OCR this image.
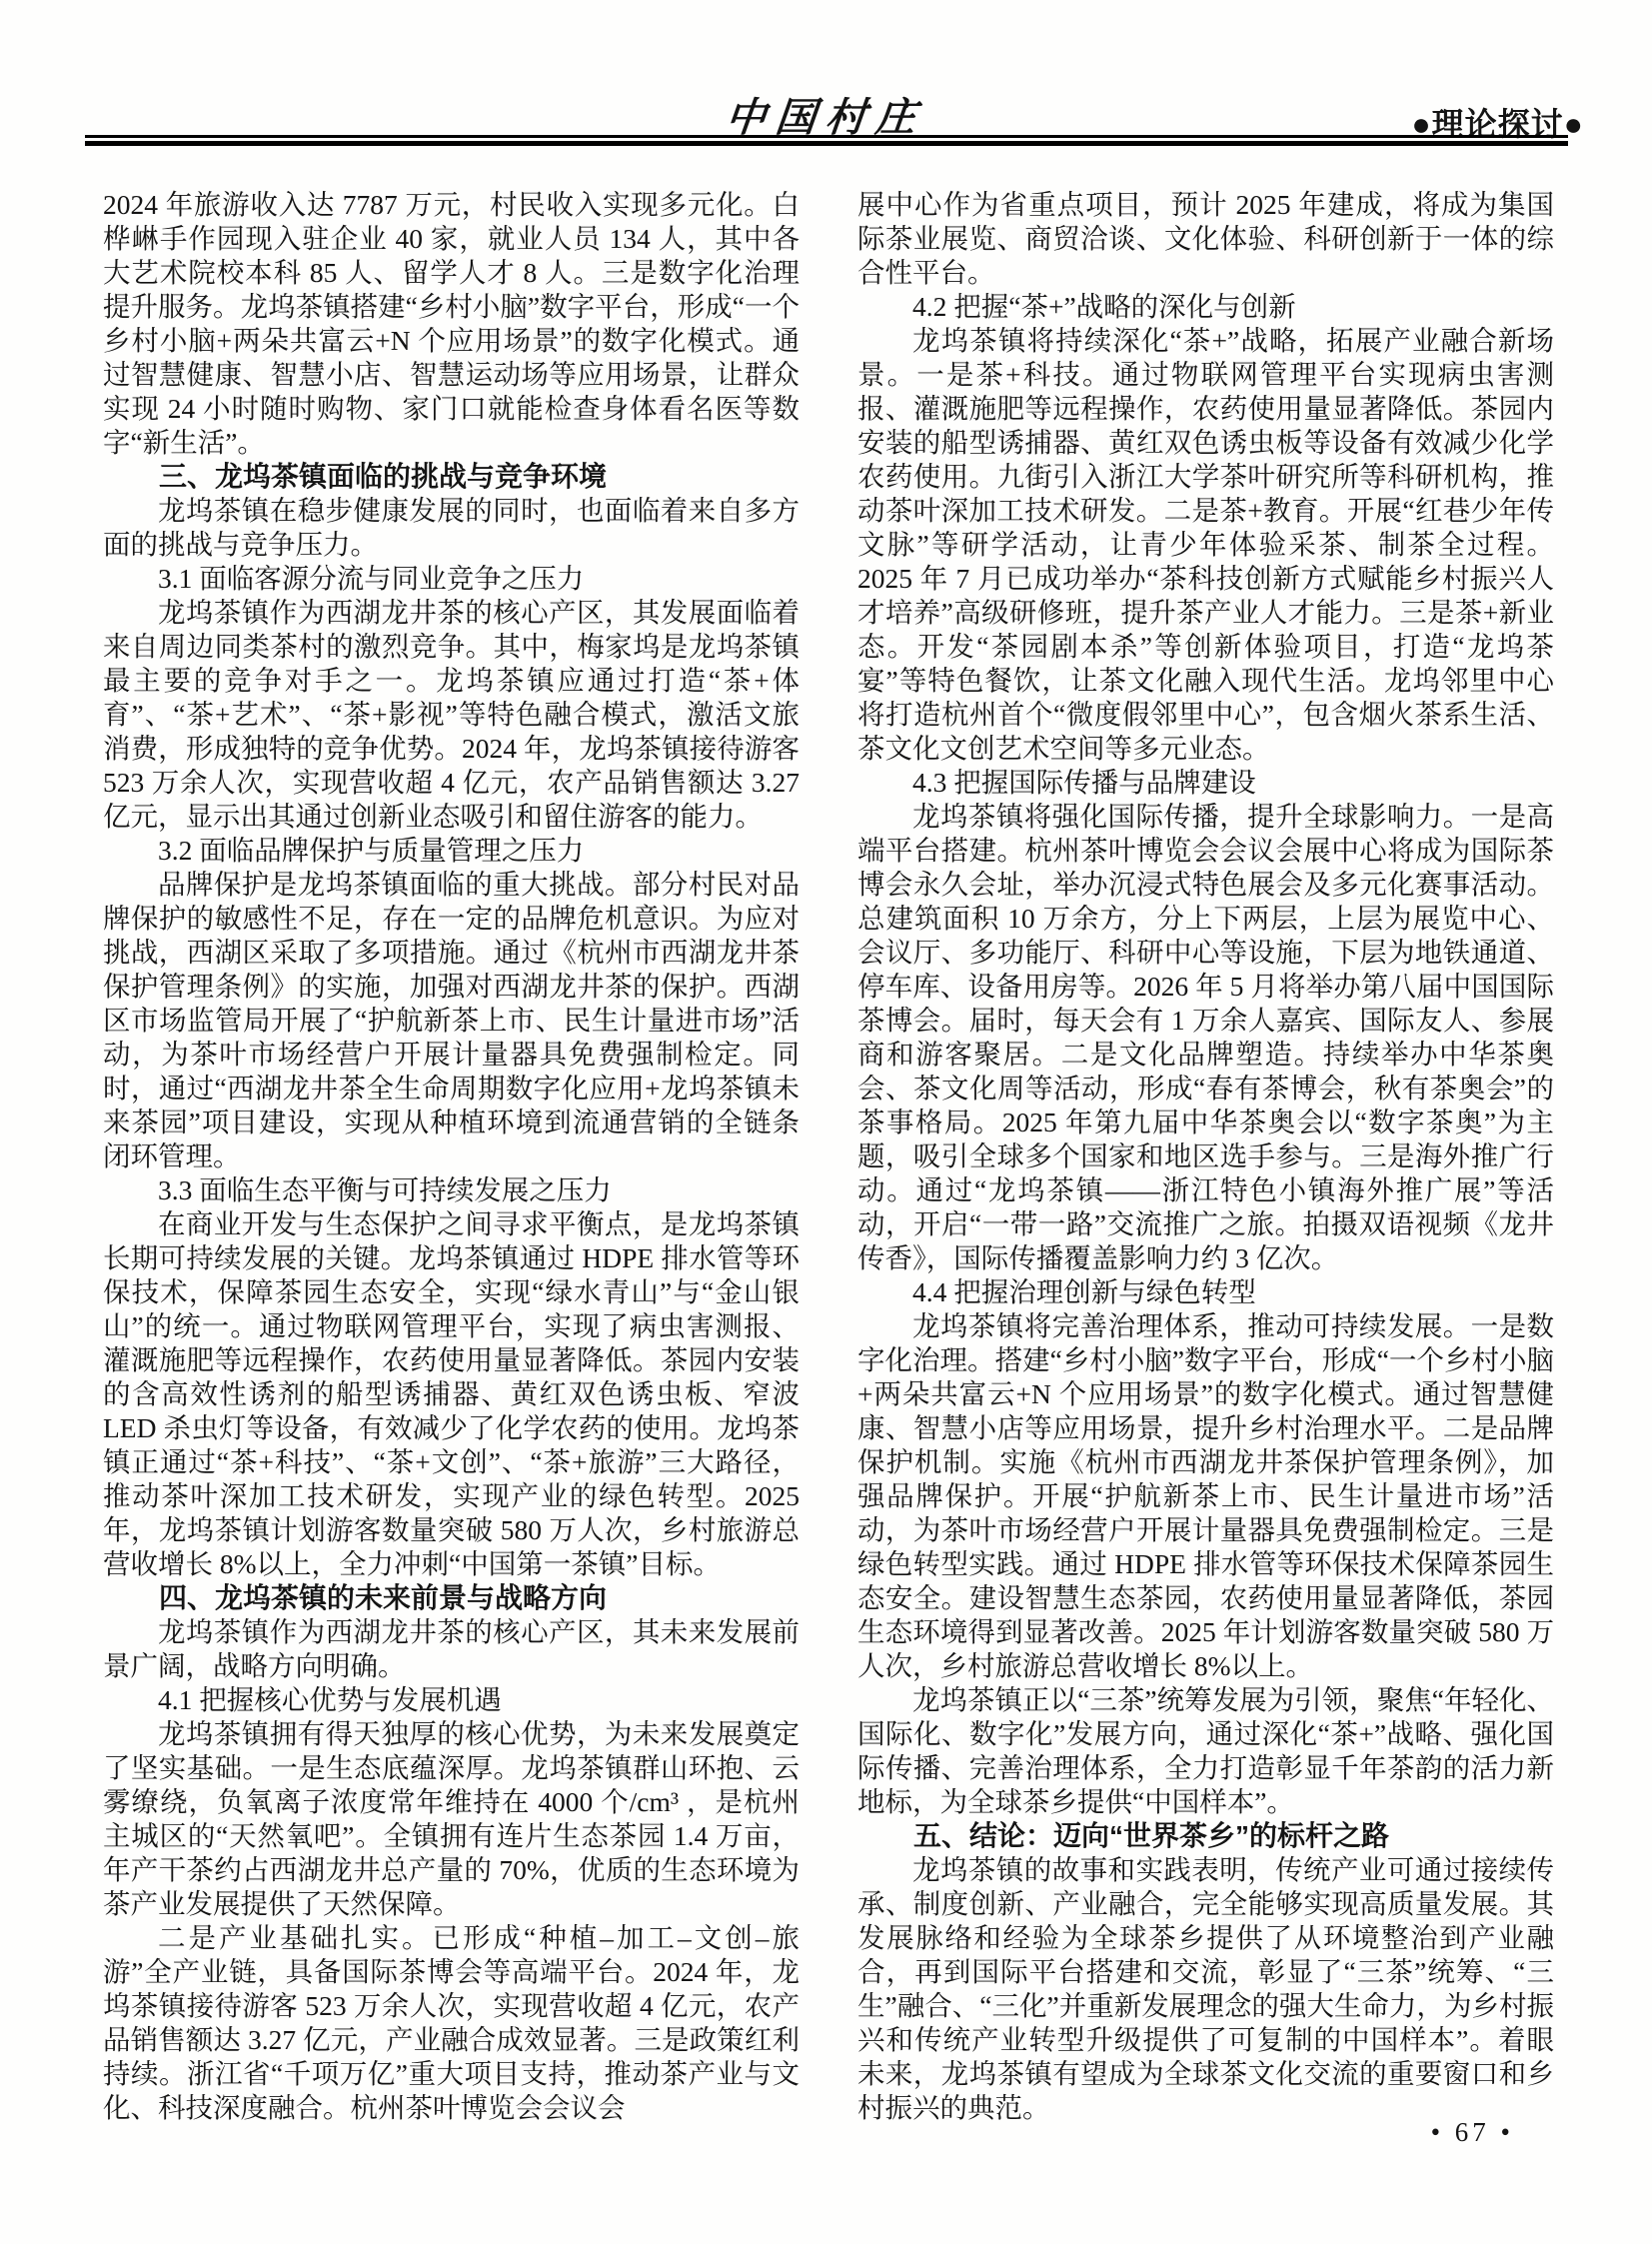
中国村庄	●理论探讨●

2024 年旅游收入达 7787 万元，村民收入实现多元化。白桦崊手作园现入驻企业 40 家，就业人员 134 人，其中各大艺术院校本科 85 人、留学人才 8 人。三是数字化治理提升服务。龙坞茶镇搭建“乡村小脑”数字平台，形成“一个乡村小脑+两朵共富云+N 个应用场景”的数字化模式。通过智慧健康、智慧小店、智慧运动场等应用场景，让群众实现 24 小时随时购物、家门口就能检查身体看名医等数字“新生活”。

三、龙坞茶镇面临的挑战与竞争环境

龙坞茶镇在稳步健康发展的同时，也面临着来自多方面的挑战与竞争压力。

3.1 面临客源分流与同业竞争之压力

龙坞茶镇作为西湖龙井茶的核心产区，其发展面临着来自周边同类茶村的激烈竞争。其中，梅家坞是龙坞茶镇最主要的竞争对手之一。龙坞茶镇应通过打造“茶+体育”、“茶+艺术”、“茶+影视”等特色融合模式，激活文旅消费，形成独特的竞争优势。2024 年，龙坞茶镇接待游客 523 万余人次，实现营收超 4 亿元，农产品销售额达 3.27 亿元，显示出其通过创新业态吸引和留住游客的能力。

3.2 面临品牌保护与质量管理之压力

品牌保护是龙坞茶镇面临的重大挑战。部分村民对品牌保护的敏感性不足，存在一定的品牌危机意识。为应对挑战，西湖区采取了多项措施。通过《杭州市西湖龙井茶保护管理条例》的实施，加强对西湖龙井茶的保护。西湖区市场监管局开展了“护航新茶上市、民生计量进市场”活动，为茶叶市场经营户开展计量器具免费强制检定。同时，通过“西湖龙井茶全生命周期数字化应用+龙坞茶镇未来茶园”项目建设，实现从种植环境到流通营销的全链条闭环管理。

3.3 面临生态平衡与可持续发展之压力

在商业开发与生态保护之间寻求平衡点，是龙坞茶镇长期可持续发展的关键。龙坞茶镇通过 HDPE 排水管等环保技术，保障茶园生态安全，实现“绿水青山”与“金山银山”的统一。通过物联网管理平台，实现了病虫害测报、灌溉施肥等远程操作，农药使用量显著降低。茶园内安装的含高效性诱剂的船型诱捕器、黄红双色诱虫板、窄波 LED 杀虫灯等设备，有效减少了化学农药的使用。龙坞茶镇正通过“茶+科技”、“茶+文创”、“茶+旅游”三大路径，推动茶叶深加工技术研发，实现产业的绿色转型。2025 年，龙坞茶镇计划游客数量突破 580 万人次，乡村旅游总营收增长 8%以上，全力冲刺“中国第一茶镇”目标。

四、龙坞茶镇的未来前景与战略方向

龙坞茶镇作为西湖龙井茶的核心产区，其未来发展前景广阔，战略方向明确。

4.1 把握核心优势与发展机遇

龙坞茶镇拥有得天独厚的核心优势，为未来发展奠定了坚实基础。一是生态底蕴深厚。龙坞茶镇群山环抱、云雾缭绕，负氧离子浓度常年维持在 4000 个/cm³ ，是杭州主城区的“天然氧吧”。全镇拥有连片生态茶园 1.4 万亩，年产干茶约占西湖龙井总产量的 70%，优质的生态环境为茶产业发展提供了天然保障。

二是产业基础扎实。已形成“种植–加工–文创–旅游”全产业链，具备国际茶博会等高端平台。2024 年，龙坞茶镇接待游客 523 万余人次，实现营收超 4 亿元，农产品销售额达 3.27 亿元，产业融合成效显著。三是政策红利持续。浙江省“千项万亿”重大项目支持，推动茶产业与文化、科技深度融合。杭州茶叶博览会会议会

展中心作为省重点项目，预计 2025 年建成，将成为集国际茶业展览、商贸洽谈、文化体验、科研创新于一体的综合性平台。

4.2 把握“茶+”战略的深化与创新

龙坞茶镇将持续深化“茶+”战略，拓展产业融合新场景。一是茶+科技。通过物联网管理平台实现病虫害测报、灌溉施肥等远程操作，农药使用量显著降低。茶园内安装的船型诱捕器、黄红双色诱虫板等设备有效减少化学农药使用。九街引入浙江大学茶叶研究所等科研机构，推动茶叶深加工技术研发。二是茶+教育。开展“红巷少年传文脉”等研学活动，让青少年体验采茶、制茶全过程。2025 年 7 月已成功举办“茶科技创新方式赋能乡村振兴人才培养”高级研修班，提升茶产业人才能力。三是茶+新业态。开发“茶园剧本杀”等创新体验项目，打造“龙坞茶宴”等特色餐饮，让茶文化融入现代生活。龙坞邻里中心将打造杭州首个“微度假邻里中心”，包含烟火茶系生活、茶文化文创艺术空间等多元业态。

4.3 把握国际传播与品牌建设

龙坞茶镇将强化国际传播，提升全球影响力。一是高端平台搭建。杭州茶叶博览会会议会展中心将成为国际茶博会永久会址，举办沉浸式特色展会及多元化赛事活动。总建筑面积 10 万余方，分上下两层，上层为展览中心、会议厅、多功能厅、科研中心等设施，下层为地铁通道、停车库、设备用房等。2026 年 5 月将举办第八届中国国际茶博会。届时，每天会有 1 万余人嘉宾、国际友人、参展商和游客聚居。二是文化品牌塑造。持续举办中华茶奥会、茶文化周等活动，形成“春有茶博会，秋有茶奥会”的茶事格局。2025 年第九届中华茶奥会以“数字茶奥”为主题，吸引全球多个国家和地区选手参与。三是海外推广行动。通过“龙坞茶镇——浙江特色小镇海外推广展”等活动，开启“一带一路”交流推广之旅。拍摄双语视频《龙井传香》，国际传播覆盖影响力约 3 亿次。

4.4 把握治理创新与绿色转型

龙坞茶镇将完善治理体系，推动可持续发展。一是数字化治理。搭建“乡村小脑”数字平台，形成“一个乡村小脑+两朵共富云+N 个应用场景”的数字化模式。通过智慧健康、智慧小店等应用场景，提升乡村治理水平。二是品牌保护机制。实施《杭州市西湖龙井茶保护管理条例》，加强品牌保护。开展“护航新茶上市、民生计量进市场”活动，为茶叶市场经营户开展计量器具免费强制检定。三是绿色转型实践。通过 HDPE 排水管等环保技术保障茶园生态安全。建设智慧生态茶园，农药使用量显著降低，茶园生态环境得到显著改善。2025 年计划游客数量突破 580 万人次，乡村旅游总营收增长 8%以上。

龙坞茶镇正以“三茶”统筹发展为引领，聚焦“年轻化、国际化、数字化”发展方向，通过深化“茶+”战略、强化国际传播、完善治理体系，全力打造彰显千年茶韵的活力新地标，为全球茶乡提供“中国样本”。

五、结论：迈向“世界茶乡”的标杆之路

龙坞茶镇的故事和实践表明，传统产业可通过接续传承、制度创新、产业融合，完全能够实现高质量发展。其发展脉络和经验为全球茶乡提供了从环境整治到产业融合，再到国际平台搭建和交流，彰显了“三茶”统筹、“三生”融合、“三化”并重新发展理念的强大生命力，为乡村振兴和传统产业转型升级提供了可复制的中国样本”。着眼未来，龙坞茶镇有望成为全球茶文化交流的重要窗口和乡村振兴的典范。

• 67 •
